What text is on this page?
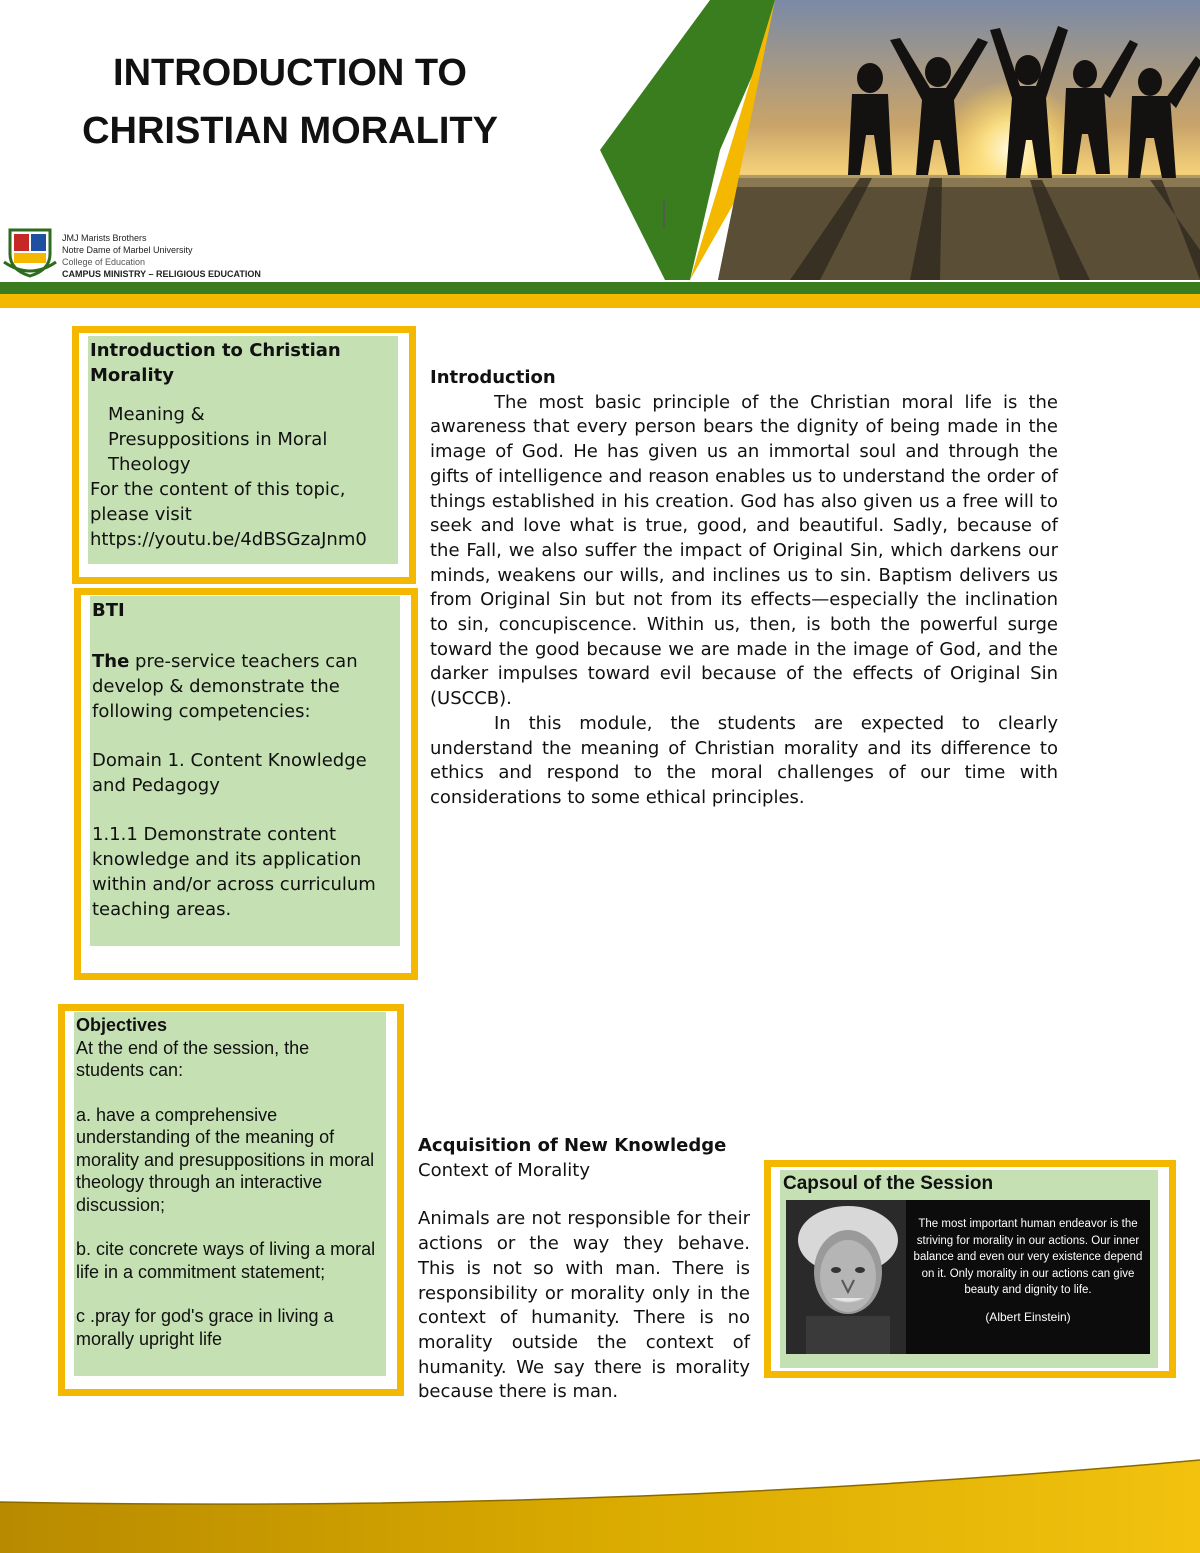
INTRODUCTION TO
CHRISTIAN MORALITY
JMJ Marists Brothers
Notre Dame of Marbel University
College of Education
CAMPUS MINISTRY – RELIGIOUS EDUCATION
Introduction to Christian Morality
Meaning & Presuppositions in Moral Theology
For the content of this topic, please visit
https://youtu.be/4dBSGzaJnm0
BTI
The pre-service teachers can develop & demonstrate the following competencies:
Domain 1. Content Knowledge and Pedagogy
1.1.1 Demonstrate content knowledge and its application within and/or across curriculum teaching areas.
Objectives
At the end of the session, the students can:
a. have a comprehensive understanding of the meaning of morality and presuppositions in moral theology through an interactive discussion;
b. cite concrete ways of living a moral life in a commitment statement;
c .pray for god's grace in living a morally upright life
Introduction

The most basic principle of the Christian moral life is the awareness that every person bears the dignity of being made in the image of God. He has given us an immortal soul and through the gifts of intelligence and reason enables us to understand the order of things established in his creation. God has also given us a free will to seek and love what is true, good, and beautiful. Sadly, because of the Fall, we also suffer the impact of Original Sin, which darkens our minds, weakens our wills, and inclines us to sin. Baptism delivers us from Original Sin but not from its effects—especially the inclination to sin, concupiscence. Within us, then, is both the powerful surge toward the good because we are made in the image of God, and the darker impulses toward evil because of the effects of Original Sin (USCCB).

In this module, the students are expected to clearly understand the meaning of Christian morality and its difference to ethics and respond to the moral challenges of our time with considerations to some ethical principles.

Acquisition of New Knowledge
Context of Morality

Animals are not responsible for their actions or the way they behave. This is not so with man. There is responsibility or morality only in the context of humanity. There is no morality outside the context of humanity. We say there is morality because there is man.

Capsoul of the Session
The most important human endeavor is the striving for morality in our actions. Our inner balance and even our very existence depend on it. Only morality in our actions can give beauty and dignity to life.
(Albert Einstein)
